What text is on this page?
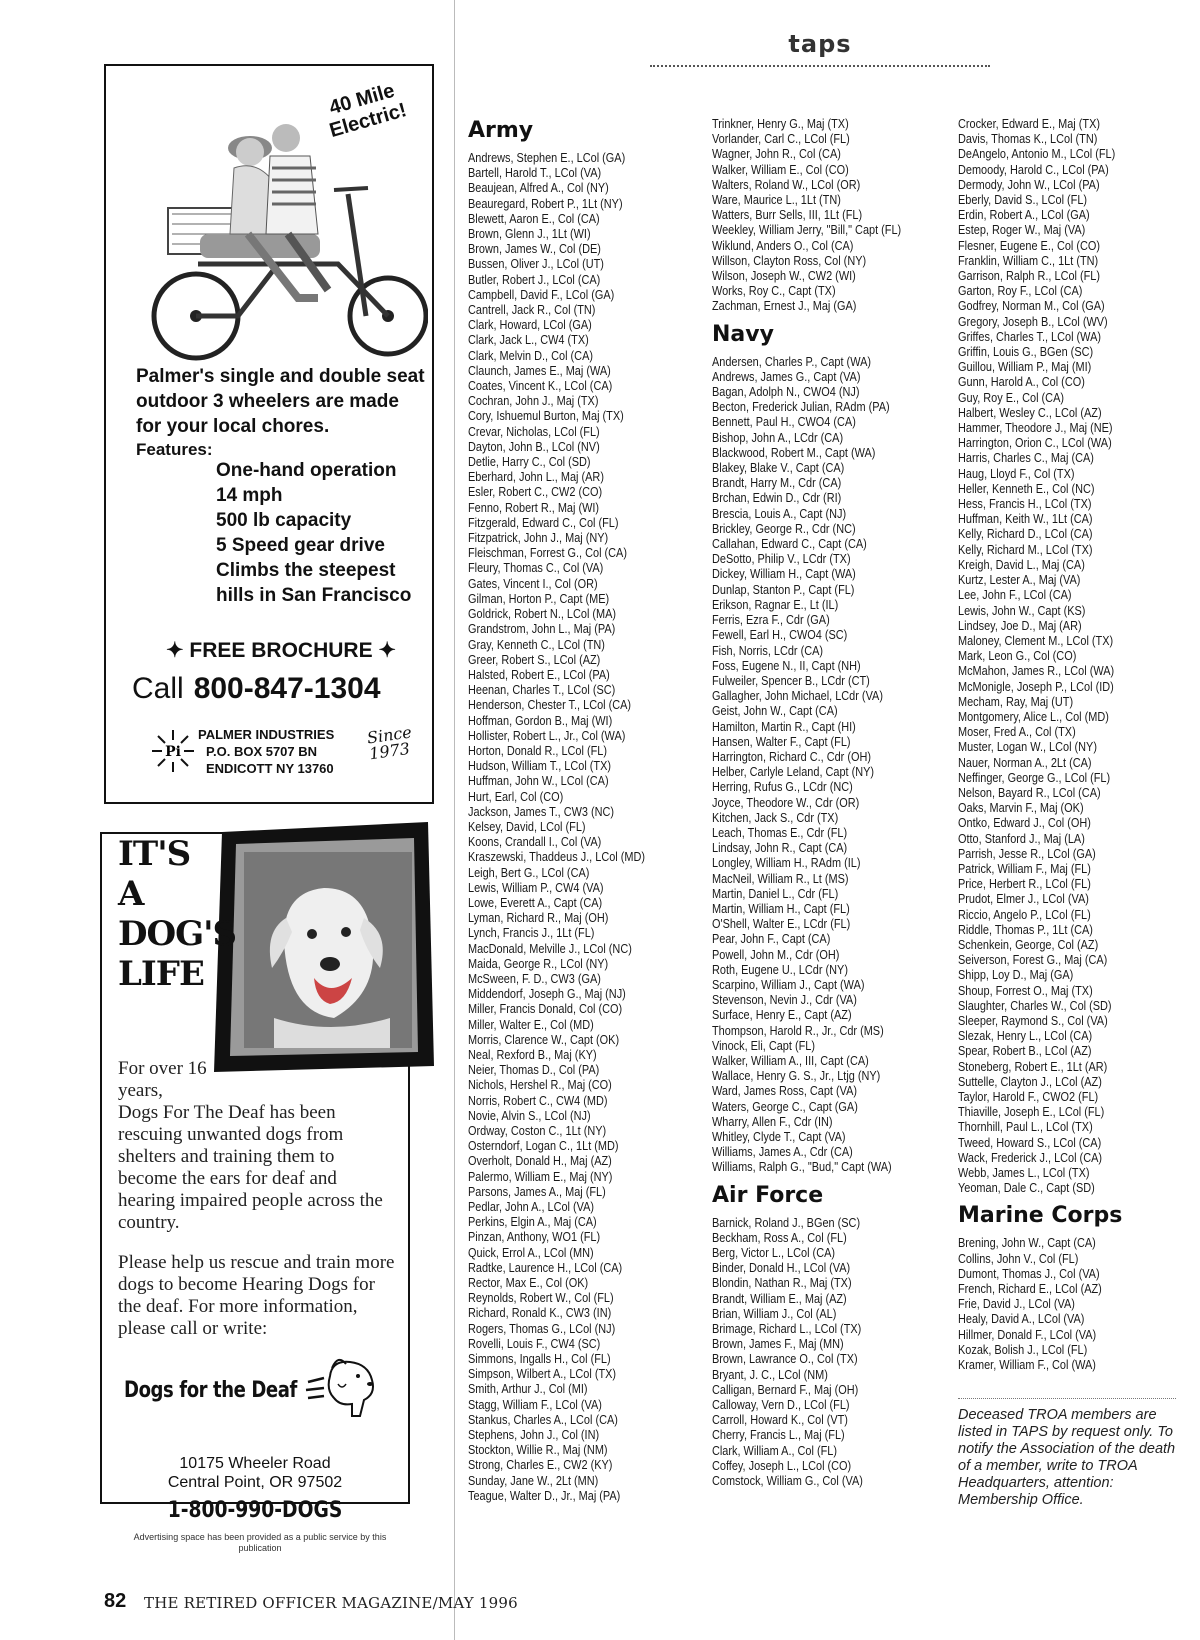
taps
40 Mile Electric!
Palmer's single and double seat outdoor 3 wheelers are made for your local chores.
Features:
One-hand operation
14 mph
500 lb capacity
5 Speed gear drive
Climbs the steepest
hills in San Francisco
✦ FREE BROCHURE ✦
Call 800-847-1304
Pi
PALMER INDUSTRIES
P.O. BOX 5707 BN
ENDICOTT NY 13760
Since 1973
IT'S
A
DOG'S
LIFE
For over 16 years,
Dogs For The Deaf has been rescuing unwanted dogs from shelters and training them to become the ears for deaf and hearing impaired people across the country.
Please help us rescue and train more dogs to become Hearing Dogs for the deaf. For more information, please call or write:
Dogs for the Deaf
10175 Wheeler Road
Central Point, OR 97502
1-800-990-DOGS
Advertising space has been provided as a public service by this publication
82 THE RETIRED OFFICER MAGAZINE/MAY 1996
Army
Andrews, Stephen E., LCol (GA)
Bartell, Harold T., LCol (VA)
Beaujean, Alfred A., Col (NY)
Beauregard, Robert P., 1Lt (NY)
Blewett, Aaron E., Col (CA)
Brown, Glenn J., 1Lt (WI)
Brown, James W., Col (DE)
Bussen, Oliver J., LCol (UT)
Butler, Robert J., LCol (CA)
Campbell, David F., LCol (GA)
Cantrell, Jack R., Col (TN)
Clark, Howard, LCol (GA)
Clark, Jack L., CW4 (TX)
Clark, Melvin D., Col (CA)
Claunch, James E., Maj (WA)
Coates, Vincent K., LCol (CA)
Cochran, John J., Maj (TX)
Cory, Ishuemul Burton, Maj (TX)
Crevar, Nicholas, LCol (FL)
Dayton, John B., LCol (NV)
Detlie, Harry C., Col (SD)
Eberhard, John L., Maj (AR)
Esler, Robert C., CW2 (CO)
Fenno, Robert R., Maj (WI)
Fitzgerald, Edward C., Col (FL)
Fitzpatrick, John J., Maj (NY)
Fleischman, Forrest G., Col (CA)
Fleury, Thomas C., Col (VA)
Gates, Vincent I., Col (OR)
Gilman, Horton P., Capt (ME)
Goldrick, Robert N., LCol (MA)
Grandstrom, John L., Maj (PA)
Gray, Kenneth C., LCol (TN)
Greer, Robert S., LCol (AZ)
Halsted, Robert E., LCol (PA)
Heenan, Charles T., LCol (SC)
Henderson, Chester T., LCol (CA)
Hoffman, Gordon B., Maj (WI)
Hollister, Robert L., Jr., Col (WA)
Horton, Donald R., LCol (FL)
Hudson, William T., LCol (TX)
Huffman, John W., LCol (CA)
Hurt, Earl, Col (CO)
Jackson, James T., CW3 (NC)
Kelsey, David, LCol (FL)
Koons, Crandall I., Col (VA)
Kraszewski, Thaddeus J., LCol (MD)
Leigh, Bert G., LCol (CA)
Lewis, William P., CW4 (VA)
Lowe, Everett A., Capt (CA)
Lyman, Richard R., Maj (OH)
Lynch, Francis J., 1Lt (FL)
MacDonald, Melville J., LCol (NC)
Maida, George R., LCol (NY)
McSween, F. D., CW3 (GA)
Middendorf, Joseph G., Maj (NJ)
Miller, Francis Donald, Col (CO)
Miller, Walter E., Col (MD)
Morris, Clarence W., Capt (OK)
Neal, Rexford B., Maj (KY)
Neier, Thomas D., Col (PA)
Nichols, Hershel R., Maj (CO)
Norris, Robert C., CW4 (MD)
Novie, Alvin S., LCol (NJ)
Ordway, Coston C., 1Lt (NY)
Osterndorf, Logan C., 1Lt (MD)
Overholt, Donald H., Maj (AZ)
Palermo, William E., Maj (NY)
Parsons, James A., Maj (FL)
Pedlar, John A., LCol (VA)
Perkins, Elgin A., Maj (CA)
Pinzan, Anthony, WO1 (FL)
Quick, Errol A., LCol (MN)
Radtke, Laurence H., LCol (CA)
Rector, Max E., Col (OK)
Reynolds, Robert W., Col (FL)
Richard, Ronald K., CW3 (IN)
Rogers, Thomas G., LCol (NJ)
Rovelli, Louis F., CW4 (SC)
Simmons, Ingalls H., Col (FL)
Simpson, Wilbert A., LCol (TX)
Smith, Arthur J., Col (MI)
Stagg, William F., LCol (VA)
Stankus, Charles A., LCol (CA)
Stephens, John J., Col (IN)
Stockton, Willie R., Maj (NM)
Strong, Charles E., CW2 (KY)
Sunday, Jane W., 2Lt (MN)
Teague, Walter D., Jr., Maj (PA)
Trinkner, Henry G., Maj (TX)
Vorlander, Carl C., LCol (FL)
Wagner, John R., Col (CA)
Walker, William E., Col (CO)
Walters, Roland W., LCol (OR)
Ware, Maurice L., 1Lt (TN)
Watters, Burr Sells, III, 1Lt (FL)
Weekley, William Jerry, "Bill," Capt (FL)
Wiklund, Anders O., Col (CA)
Willson, Clayton Ross, Col (NY)
Wilson, Joseph W., CW2 (WI)
Works, Roy C., Capt (TX)
Zachman, Ernest J., Maj (GA)
Navy
Andersen, Charles P., Capt (WA)
Andrews, James G., Capt (VA)
Bagan, Adolph N., CWO4 (NJ)
Becton, Frederick Julian, RAdm (PA)
Bennett, Paul H., CWO4 (CA)
Bishop, John A., LCdr (CA)
Blackwood, Robert M., Capt (WA)
Blakey, Blake V., Capt (CA)
Brandt, Harry M., Cdr (CA)
Brchan, Edwin D., Cdr (RI)
Brescia, Louis A., Capt (NJ)
Brickley, George R., Cdr (NC)
Callahan, Edward C., Capt (CA)
DeSotto, Philip V., LCdr (TX)
Dickey, William H., Capt (WA)
Dunlap, Stanton P., Capt (FL)
Erikson, Ragnar E., Lt (IL)
Ferris, Ezra F., Cdr (GA)
Fewell, Earl H., CWO4 (SC)
Fish, Norris, LCdr (CA)
Foss, Eugene N., II, Capt (NH)
Fulweiler, Spencer B., LCdr (CT)
Gallagher, John Michael, LCdr (VA)
Geist, John W., Capt (CA)
Hamilton, Martin R., Capt (HI)
Hansen, Walter F., Capt (FL)
Harrington, Richard C., Cdr (OH)
Helber, Carlyle Leland, Capt (NY)
Herring, Rufus G., LCdr (NC)
Joyce, Theodore W., Cdr (OR)
Kitchen, Jack S., Cdr (TX)
Leach, Thomas E., Cdr (FL)
Lindsay, John R., Capt (CA)
Longley, William H., RAdm (IL)
MacNeil, William R., Lt (MS)
Martin, Daniel L., Cdr (FL)
Martin, William H., Capt (FL)
O'Shell, Walter E., LCdr (FL)
Pear, John F., Capt (CA)
Powell, John M., Cdr (OH)
Roth, Eugene U., LCdr (NY)
Scarpino, William J., Capt (WA)
Stevenson, Nevin J., Cdr (VA)
Surface, Henry E., Capt (AZ)
Thompson, Harold R., Jr., Cdr (MS)
Vinock, Eli, Capt (FL)
Walker, William A., III, Capt (CA)
Wallace, Henry G. S., Jr., Ltjg (NY)
Ward, James Ross, Capt (VA)
Waters, George C., Capt (GA)
Wharry, Allen F., Cdr (IN)
Whitley, Clyde T., Capt (VA)
Williams, James A., Cdr (CA)
Williams, Ralph G., "Bud," Capt (WA)
Air Force
Barnick, Roland J., BGen (SC)
Beckham, Ross A., Col (FL)
Berg, Victor L., LCol (CA)
Binder, Donald H., LCol (VA)
Blondin, Nathan R., Maj (TX)
Brandt, William E., Maj (AZ)
Brian, William J., Col (AL)
Brimage, Richard L., LCol (TX)
Brown, James F., Maj (MN)
Brown, Lawrance O., Col (TX)
Bryant, J. C., LCol (NM)
Calligan, Bernard F., Maj (OH)
Calloway, Vern D., LCol (FL)
Carroll, Howard K., Col (VT)
Cherry, Francis L., Maj (FL)
Clark, William A., Col (FL)
Coffey, Joseph L., LCol (CO)
Comstock, William G., Col (VA)
Crocker, Edward E., Maj (TX)
Davis, Thomas K., LCol (TN)
DeAngelo, Antonio M., LCol (FL)
Demoody, Harold C., LCol (PA)
Dermody, John W., LCol (PA)
Eberly, David S., LCol (FL)
Erdin, Robert A., LCol (GA)
Estep, Roger W., Maj (VA)
Flesner, Eugene E., Col (CO)
Franklin, William C., 1Lt (TN)
Garrison, Ralph R., LCol (FL)
Garton, Roy F., LCol (CA)
Godfrey, Norman M., Col (GA)
Gregory, Joseph B., LCol (WV)
Griffes, Charles T., LCol (WA)
Griffin, Louis G., BGen (SC)
Guillou, William P., Maj (MI)
Gunn, Harold A., Col (CO)
Guy, Roy E., Col (CA)
Halbert, Wesley C., LCol (AZ)
Hammer, Theodore J., Maj (NE)
Harrington, Orion C., LCol (WA)
Harris, Charles C., Maj (CA)
Haug, Lloyd F., Col (TX)
Heller, Kenneth E., Col (NC)
Hess, Francis H., LCol (TX)
Huffman, Keith W., 1Lt (CA)
Kelly, Richard D., LCol (CA)
Kelly, Richard M., LCol (TX)
Kreigh, David L., Maj (CA)
Kurtz, Lester A., Maj (VA)
Lee, John F., LCol (CA)
Lewis, John W., Capt (KS)
Lindsey, Joe D., Maj (AR)
Maloney, Clement M., LCol (TX)
Mark, Leon G., Col (CO)
McMahon, James R., LCol (WA)
McMonigle, Joseph P., LCol (ID)
Mecham, Ray, Maj (UT)
Montgomery, Alice L., Col (MD)
Moser, Fred A., Col (TX)
Muster, Logan W., LCol (NY)
Nauer, Norman A., 2Lt (CA)
Neffinger, George G., LCol (FL)
Nelson, Bayard R., LCol (CA)
Oaks, Marvin F., Maj (OK)
Ontko, Edward J., Col (OH)
Otto, Stanford J., Maj (LA)
Parrish, Jesse R., LCol (GA)
Patrick, William F., Maj (FL)
Price, Herbert R., LCol (FL)
Prudot, Elmer J., LCol (VA)
Riccio, Angelo P., LCol (FL)
Riddle, Thomas P., 1Lt (CA)
Schenkein, George, Col (AZ)
Seiverson, Forest G., Maj (CA)
Shipp, Loy D., Maj (GA)
Shoup, Forrest O., Maj (TX)
Slaughter, Charles W., Col (SD)
Sleeper, Raymond S., Col (VA)
Slezak, Henry L., LCol (CA)
Spear, Robert B., LCol (AZ)
Stoneberg, Robert E., 1Lt (AR)
Suttelle, Clayton J., LCol (AZ)
Taylor, Harold F., CWO2 (FL)
Thiaville, Joseph E., LCol (FL)
Thornhill, Paul L., LCol (TX)
Tweed, Howard S., LCol (CA)
Wack, Frederick J., LCol (CA)
Webb, James L., LCol (TX)
Yeoman, Dale C., Capt (SD)
Marine Corps
Brening, John W., Capt (CA)
Collins, John V., Col (FL)
Dumont, Thomas J., Col (VA)
French, Richard E., LCol (AZ)
Frie, David J., LCol (VA)
Healy, David A., LCol (VA)
Hillmer, Donald F., LCol (VA)
Kozak, Bolish J., LCol (FL)
Kramer, William F., Col (WA)
Deceased TROA members are listed in TAPS by request only. To notify the Association of the death of a member, write to TROA Headquarters, attention: Membership Office.
